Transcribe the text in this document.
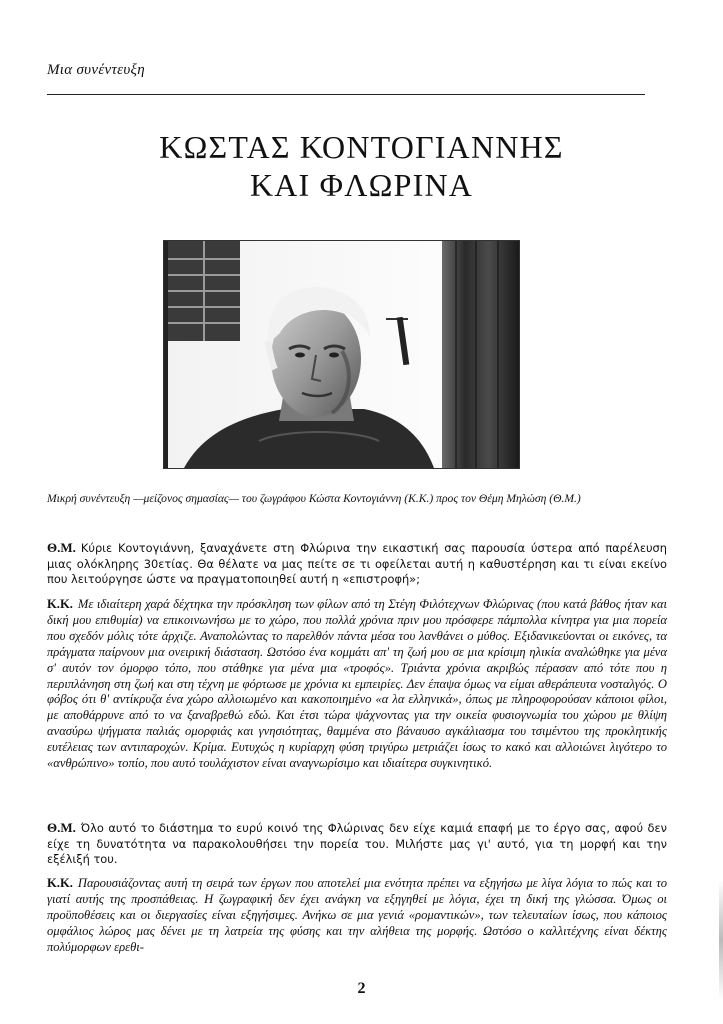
Μια συνέντευξη
ΚΩΣΤΑΣ ΚΟΝΤΟΓΙΑΝΝΗΣ
ΚΑΙ ΦΛΩΡΙΝΑ
Μικρή συνέντευξη —μείζονος σημασίας— του ζωγράφου Κώστα Κοντογιάννη (Κ.Κ.) προς τον Θέμη Μηλώση (Θ.Μ.)
Θ.Μ. Κύριε Κοντογιάννη, ξαναχάνετε στη Φλώρινα την εικαστική σας παρουσία ύστερα από παρέλευση μιας ολόκληρης 30ετίας. Θα θέλατε να μας πείτε σε τι οφείλεται αυτή η καθυστέρηση και τι είναι εκείνο που λειτούργησε ώστε να πραγματοποιηθεί αυτή η «επιστροφή»;
Κ.Κ. Με ιδιαίτερη χαρά δέχτηκα την πρόσκληση των φίλων από τη Στέγη Φιλότεχνων Φλώρινας (που κατά βάθος ήταν και δική μου επιθυμία) να επικοινωνήσω με το χώρο, που πολλά χρόνια πριν μου πρόσφερε πάμπολλα κίνητρα για μια πορεία που σχεδόν μόλις τότε άρχιζε. Αναπολώντας το παρελθόν πάντα μέσα του λανθάνει ο μύθος. Εξιδανικεύονται οι εικόνες, τα πράγματα παίρνουν μια ονειρική διάσταση. Ωστόσο ένα κομμάτι απ' τη ζωή μου σε μια κρίσιμη ηλικία αναλώθηκε για μένα σ' αυτόν τον όμορφο τόπο, που στάθηκε για μένα μια «τροφός». Τριάντα χρόνια ακριβώς πέρασαν από τότε που η περιπλάνηση στη ζωή και στη τέχνη με φόρτωσε με χρόνια κι εμπειρίες. Δεν έπαψα όμως να είμαι αθεράπευτα νοσταλγός. Ο φόβος ότι θ' αντίκρυζα ένα χώρο αλλοιωμένο και κακοποιημένο «α λα ελληνικά», όπως με πληροφορούσαν κάποιοι φίλοι, με αποθάρρυνε από το να ξαναβρεθώ εδώ. Και έτσι τώρα ψάχνοντας για την οικεία φυσιογνωμία του χώρου με θλίψη ανασύρω ψήγματα παλιάς ομορφιάς και γνησιότητας, θαμμένα στο βάναυσο αγκάλιασμα του τσιμέντου της προκλητικής ευτέλειας των αντιπαροχών. Κρίμα. Ευτυχώς η κυρίαρχη φύση τριγύρω μετριάζει ίσως το κακό και αλλοιώνει λιγότερο το «ανθρώπινο» τοπίο, που αυτό τουλάχιστον είναι αναγνωρίσιμο και ιδιαίτερα συγκινητικό.
Θ.Μ. Όλο αυτό το διάστημα το ευρύ κοινό της Φλώρινας δεν είχε καμιά επαφή με το έργο σας, αφού δεν είχε τη δυνατότητα να παρακολουθήσει την πορεία του. Μιλήστε μας γι' αυτό, για τη μορφή και την εξέλιξή του.
Κ.Κ. Παρουσιάζοντας αυτή τη σειρά των έργων που αποτελεί μια ενότητα πρέπει να εξηγήσω με λίγα λόγια το πώς και το γιατί αυτής της προσπάθειας. Η ζωγραφική δεν έχει ανάγκη να εξηγηθεί με λόγια, έχει τη δική της γλώσσα. Όμως οι προϋποθέσεις και οι διεργασίες είναι εξηγήσιμες. Ανήκω σε μια γενιά «ρομαντικών», των τελευταίων ίσως, που κάποιος ομφάλιος λώρος μας δένει με τη λατρεία της φύσης και την αλήθεια της μορφής. Ωστόσο ο καλλιτέχνης είναι δέκτης πολύμορφων ερεθι-
2
